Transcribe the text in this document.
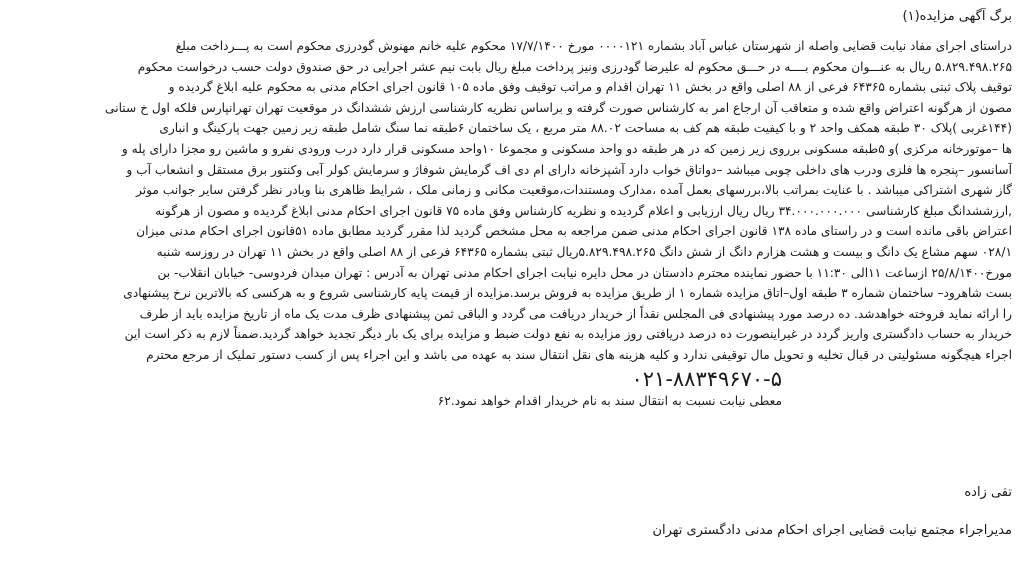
برگ آگهی مزایده(۱)
دراستای اجرای مفاد نیابت قضایی واصله از شهرستان عباس آباد بشماره ۰۰۰۰۱۲۱ مورخ ۱۷/۷/۱۴۰۰ محکوم علیه خانم مهنوش گودرزی محکوم است به پـــرداخت مبلغ
۵.۸۲۹.۴۹۸.۲۶۵ ریال به عنـــوان محکوم بــــه در حـــق محکوم له علیرضا گودرزی ونیز پرداخت مبلغ ریال بابت نیم عشر اجرایی در حق صندوق دولت حسب درخواست محکوم
توقیف پلاک ثبتی بشماره ۶۴۳۶۵ فرعی از ۸۸ اصلی واقع در بخش ۱۱ تهران اقدام و مراتب توقیف وفق ماده ۱۰۵ قانون اجرای احکام مدنی به محکوم علیه ابلاغ گردیده و
مصون از هرگونه اعتراض واقع شده و متعاقب آن ارجاع امر به کارشناس صورت گرفته و براساس نظریه کارشناسی ارزش ششدانگ در موقعیت تهران تهرانپارس فلکه اول خ ستانی
(۱۴۴غربی )پلاک ۳۰ طبقه همکف واحد ۲ و با کیفیت طبقه هم کف به مساحت ۸۸.۰۲ متر مربع ، یک ساختمان ۶طبقه نما سنگ شامل طبقه زیر زمین جهت پارکینگ و انباری
ها –موتورخانه مرکزی )و ۵طبقه مسکونی برروی زیر زمین که در هر طبقه دو واحد مسکونی و مجموعا ۱۰واحد مسکونی قرار دارد درب ورودی نفرو و ماشین رو مجزا دارای پله و
آسانسور –پنجره ها فلزی ودرب های داخلی چوبی میباشد –دواتاق خواب دارد آشپزخانه دارای ام دی اف گرمایش شوفاژ و سرمایش کولر آبی وکنتور برق مستقل و انشعاب آب و
گاز شهری اشتراکی میباشد . با عنایت بمراتب بالا،بررسهای بعمل آمده ،مدارک ومستندات،موقعیت مکانی و زمانی ملک ، شرایط ظاهری بنا وبادر نظر گرفتن سایر جوانب موثر
,ارزششدانگ مبلغ کارشناسی ۳۴.۰۰۰.۰۰۰.۰۰۰ ریال ریال ارزیابی و اعلام گردیده و نظریه کارشناس وفق ماده ۷۵ قانون اجرای احکام مدنی ابلاغ گردیده و مصون از هرگونه
اعتراض باقی مانده است و در راستای ماده ۱۳۸ قانون اجرای احکام مدنی ضمن مراجعه به محل مشخص گردید لذا مقرر گردید مطابق ماده ۵۱قانون اجرای احکام مدنی میزان
۰۲۸/۱ سهم مشاع یک دانگ و بیست و هشت هزارم دانگ از شش دانگ ۵.۸۲۹.۴۹۸.۲۶۵ریال ثبتی بشماره ۶۴۳۶۵ فرعی از ۸۸ اصلی واقع در بخش ۱۱ تهران در روزسه شنبه
مورخ۲۵/۸/۱۴۰۰ ازساعت ۱۱الی ۱۱:۳۰ با حضور نماینده محترم دادستان در محل دایره نیابت اجرای احکام مدنی تهران به آدرس : تهران میدان فردوسی- خیابان انقلاب- بن
بست شاهرود– ساختمان شماره ۳ طبقه اول–اتاق مزایده شماره ۱ از طریق مزایده به فروش برسد.مزایده از قیمت پایه کارشناسی شروع و به هرکسی که بالاترین نرخ پیشنهادی
را ارائه نماید فروخته خواهدشد. ده درصد مورد پیشنهادی فی المجلس نقداً از خریدار دریافت می گردد و الباقی ثمن پیشنهادی ظرف مدت یک ماه از تاریخ مزایده باید از طرف
خریدار به حساب دادگستری واریز گردد در غیراینصورت ده درصد دریافتی روز مزایده به نفع دولت ضبط و مزایده برای یک بار دیگر تجدید خواهد گردید.ضمناً لازم به ذکر است این
اجراء هیچگونه مسئولیتی در قبال تخلیه و تحویل مال توقیفی ندارد و کلیه هزینه های نقل انتقال سند به عهده می باشد و این اجراء پس از کسب دستور تملیک از مرجع محترم
۰۲۱-۸۸۳۴۹۶۷۰-۵
معطی نیابت نسبت به انتقال سند به نام خریدار اقدام خواهد نمود.۶۲
تقی زاده
مدیراجراء مجتمع نیابت قضایی اجرای احکام مدنی دادگستری تهران
